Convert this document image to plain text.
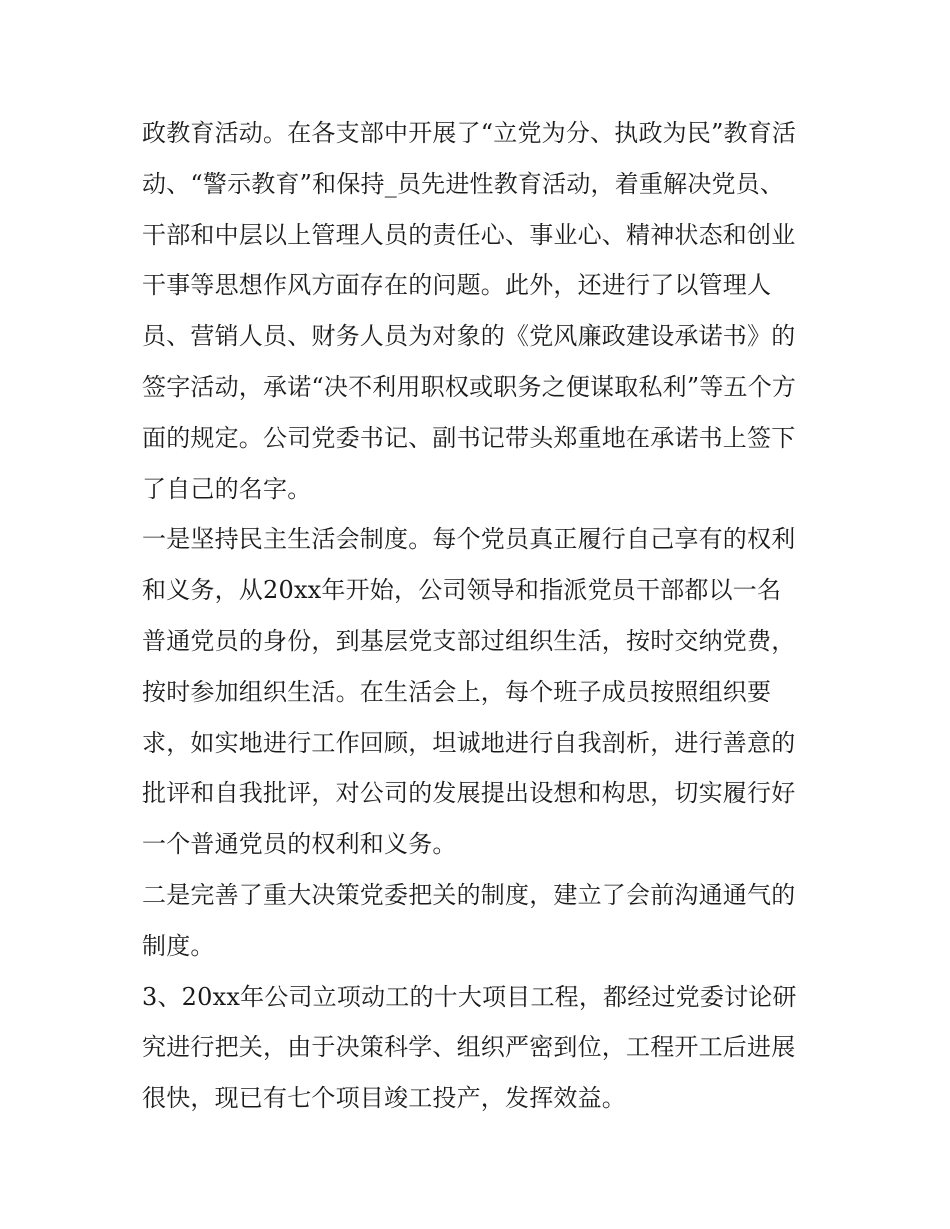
政教育活动。在各支部中开展了“立党为分、执政为民”教育活
动、“警示教育”和保持_员先进性教育活动，着重解决党员、
干部和中层以上管理人员的责任心、事业心、精神状态和创业
干事等思想作风方面存在的问题。此外，还进行了以管理人
员、营销人员、财务人员为对象的《党风廉政建设承诺书》的
签字活动，承诺“决不利用职权或职务之便谋取私利”等五个方
面的规定。公司党委书记、副书记带头郑重地在承诺书上签下
了自己的名字。
一是坚持民主生活会制度。每个党员真正履行自己享有的权利
和义务，从20xx年开始，公司领导和指派党员干部都以一名
普通党员的身份，到基层党支部过组织生活，按时交纳党费，
按时参加组织生活。在生活会上，每个班子成员按照组织要
求，如实地进行工作回顾，坦诚地进行自我剖析，进行善意的
批评和自我批评，对公司的发展提出设想和构思，切实履行好
一个普通党员的权利和义务。
二是完善了重大决策党委把关的制度，建立了会前沟通通气的
制度。
3、20xx年公司立项动工的十大项目工程，都经过党委讨论研
究进行把关，由于决策科学、组织严密到位，工程开工后进展
很快，现已有七个项目竣工投产，发挥效益。
